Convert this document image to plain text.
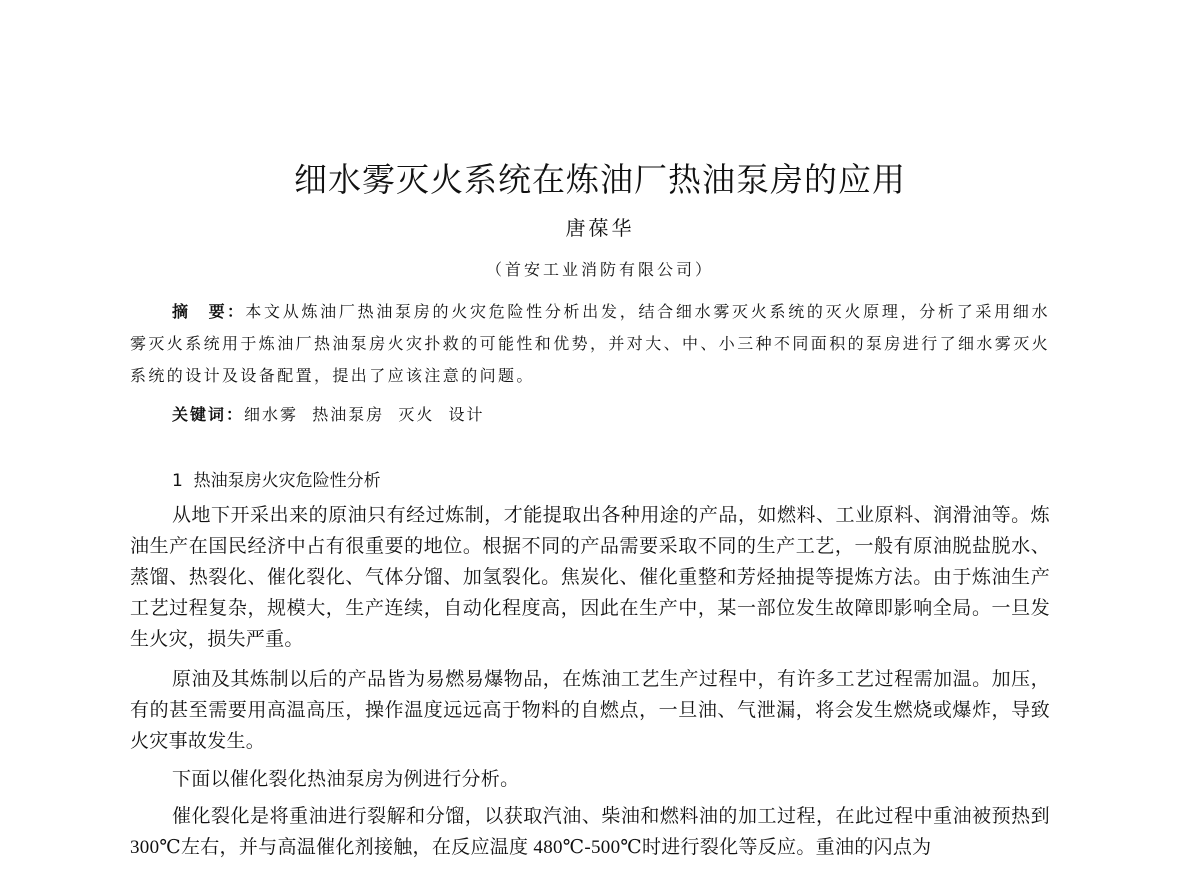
细水雾灭火系统在炼油厂热油泵房的应用
唐葆华
（首安工业消防有限公司）

摘　要：本文从炼油厂热油泵房的火灾危险性分析出发，结合细水雾灭火系统的灭火原理，分析了采用细水雾灭火系统用于炼油厂热油泵房火灾扑救的可能性和优势，并对大、中、小三种不同面积的泵房进行了细水雾灭火系统的设计及设备配置，提出了应该注意的问题。

关键词：细水雾  热油泵房  灭火  设计

1  热油泵房火灾危险性分析

从地下开采出来的原油只有经过炼制，才能提取出各种用途的产品，如燃料、工业原料、润滑油等。炼油生产在国民经济中占有很重要的地位。根据不同的产品需要采取不同的生产工艺，一般有原油脱盐脱水、蒸馏、热裂化、催化裂化、气体分馏、加氢裂化。焦炭化、催化重整和芳烃抽提等提炼方法。由于炼油生产工艺过程复杂，规模大，生产连续，自动化程度高，因此在生产中，某一部位发生故障即影响全局。一旦发生火灾，损失严重。

原油及其炼制以后的产品皆为易燃易爆物品，在炼油工艺生产过程中，有许多工艺过程需加温。加压，有的甚至需要用高温高压，操作温度远远高于物料的自燃点，一旦油、气泄漏，将会发生燃烧或爆炸，导致火灾事故发生。

下面以催化裂化热油泵房为例进行分析。

催化裂化是将重油进行裂解和分馏，以获取汽油、柴油和燃料油的加工过程，在此过程中重油被预热到 300℃左右，并与高温催化剂接触，在反应温度 480℃-500℃时进行裂化等反应。重油的闪点为
